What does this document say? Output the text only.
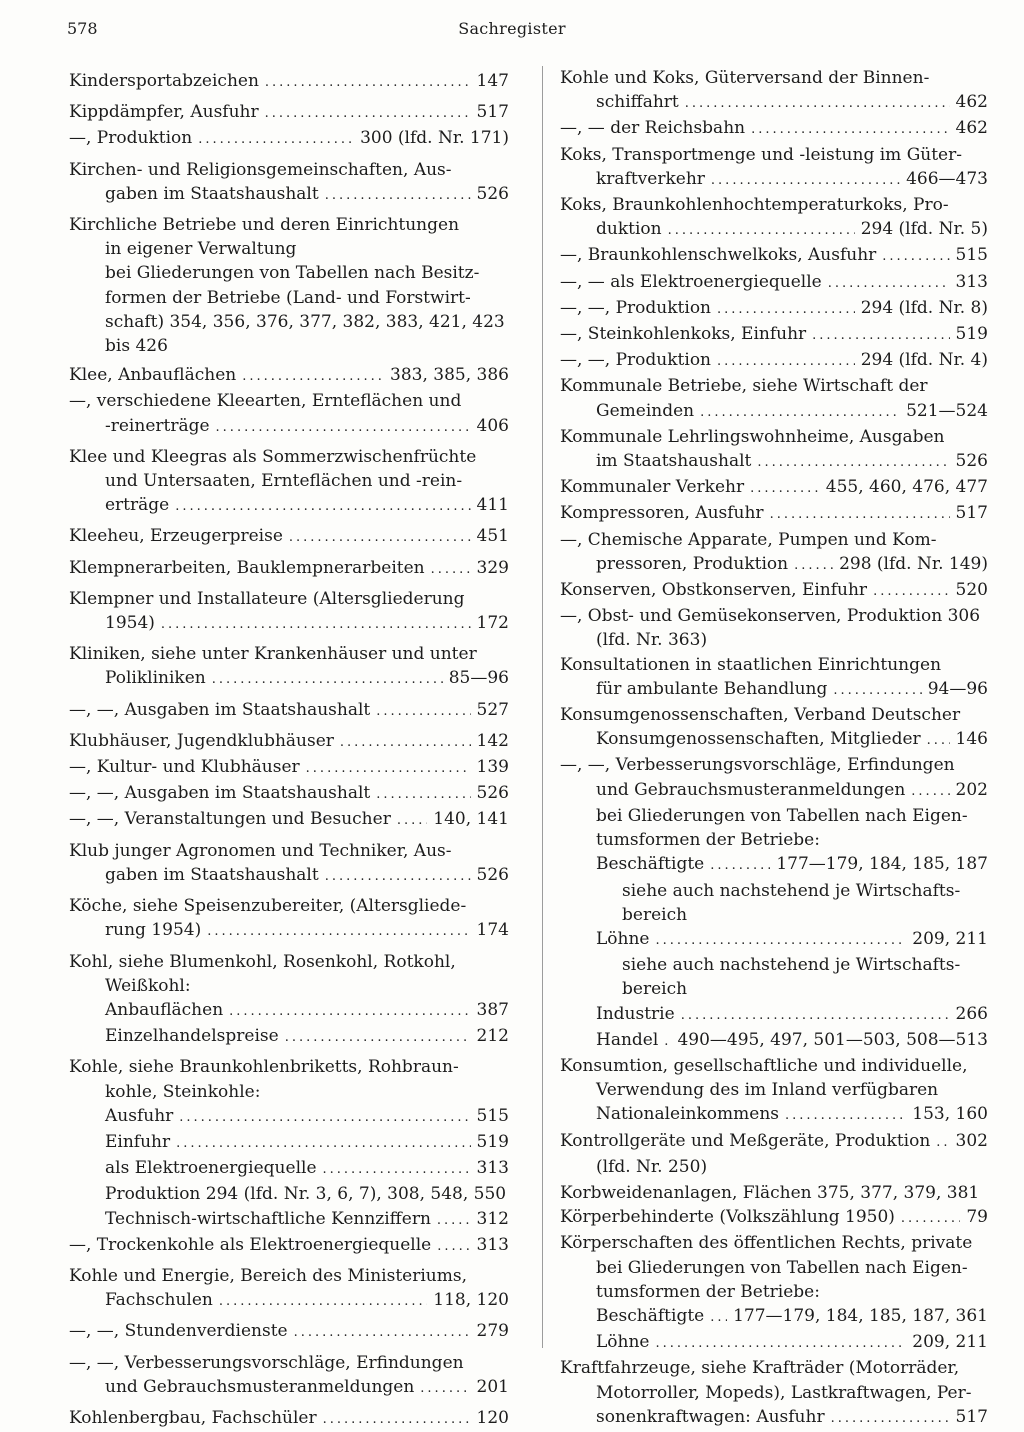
578	Sachregister
Kindersportabzeichen .....	147
Kippdämpfer, Ausfuhr .....	517
—, Produktion .....	300 (lfd. Nr. 171)
Kirchen- und Religionsgemeinschaften, Aus-
gaben im Staatshaushalt .....	526
Kirchliche Betriebe und deren Einrichtungen
in eigener Verwaltung
bei Gliederungen von Tabellen nach Besitz-
formen der Betriebe (Land- und Forstwirt-
schaft) 354, 356, 376, 377, 382, 383, 421, 423
bis 426
Klee, Anbauflächen .....	383, 385, 386
—, verschiedene Kleearten, Ernteflächen und
-reinerträge .....	406
Klee und Kleegras als Sommerzwischenfrüchte
und Untersaaten, Ernteflächen und -rein-
erträge .....	411
Kleeheu, Erzeugerpreise .....	451
Klempnerarbeiten, Bauklempnerarbeiten .....	329
Klempner und Installateure (Altersgliederung
1954) .....	172
Kliniken, siehe unter Krankenhäuser und unter
Polikliniken .....	85—96
—, —, Ausgaben im Staatshaushalt .....	527
Klubhäuser, Jugendklubhäuser .....	142
—, Kultur- und Klubhäuser .....	139
—, —, Ausgaben im Staatshaushalt .....	526
—, —, Veranstaltungen und Besucher ..... 140, 141
Klub junger Agronomen und Techniker, Aus-
gaben im Staatshaushalt .....	526
Köche, siehe Speisenzubereiter, (Altersgliede-
rung 1954) .....	174
Kohl, siehe Blumenkohl, Rosenkohl, Rotkohl,
Weißkohl:
Anbauflächen .....	387
Einzelhandelspreise .....	212
Kohle, siehe Braunkohlenbriketts, Rohbraun-
kohle, Steinkohle:
Ausfuhr .....	515
Einfuhr .....	519
als Elektroenergiequelle .....	313
Produktion 294 (lfd. Nr. 3, 6, 7), 308, 548, 550
Technisch-wirtschaftliche Kennziffern .....	312
—, Trockenkohle als Elektroenergiequelle .....	313
Kohle und Energie, Bereich des Ministeriums,
Fachschulen .....	118, 120
—, —, Stundenverdienste .....	279
—, —, Verbesserungsvorschläge, Erfindungen
und Gebrauchsmusteranmeldungen .....	201
Kohlenbergbau, Fachschüler .....	120
Kohle und Koks, Güterversand der Binnen-
schiffahrt .....	462
—, — der Reichsbahn .....	462
Koks, Transportmenge und -leistung im Güter-
kraftverkehr .....	466—473
Koks, Braunkohlenhochtemperaturkoks, Pro-
duktion .....	294 (lfd. Nr. 5)
—, Braunkohlenschwelkoks, Ausfuhr .....	515
—, — als Elektroenergiequelle .....	313
—, —, Produktion .....	294 (lfd. Nr. 8)
—, Steinkohlenkoks, Einfuhr .....	519
—, —, Produktion .....	294 (lfd. Nr. 4)
Kommunale Betriebe, siehe Wirtschaft der
Gemeinden .....	521—524
Kommunale Lehrlingswohnheime, Ausgaben
im Staatshaushalt .....	526
Kommunaler Verkehr .....	455, 460, 476, 477
Kompressoren, Ausfuhr .....	517
—, Chemische Apparate, Pumpen und Kom-
pressoren, Produktion .....	298 (lfd. Nr. 149)
Konserven, Obstkonserven, Einfuhr .....	520
—, Obst- und Gemüsekonserven, Produktion 306
(lfd. Nr. 363)
Konsultationen in staatlichen Einrichtungen
für ambulante Behandlung .....	94—96
Konsumgenossenschaften, Verband Deutscher
Konsumgenossenschaften, Mitglieder ..... 146
—, —, Verbesserungsvorschläge, Erfindungen
und Gebrauchsmusteranmeldungen .....	202
bei Gliederungen von Tabellen nach Eigen-
tumsformen der Betriebe:
Beschäftigte .....	177—179, 184, 185, 187
siehe auch nachstehend je Wirtschafts-
bereich
Löhne .....	209, 211
siehe auch nachstehend je Wirtschafts-
bereich
Industrie .....	266
Handel ..... 490—495, 497, 501—503, 508—513
Konsumtion, gesellschaftliche und individuelle,
Verwendung des im Inland verfügbaren
Nationaleinkommens .....	153, 160
Kontrollgeräte und Meßgeräte, Produktion ..... 302
(lfd. Nr. 250)
Korbweidenanlagen, Flächen 375, 377, 379, 381
Körperbehinderte (Volkszählung 1950) .....	79
Körperschaften des öffentlichen Rechts, private
bei Gliederungen von Tabellen nach Eigen-
tumsformen der Betriebe:
Beschäftigte ..... 177—179, 184, 185, 187, 361
Löhne .....	209, 211
Kraftfahrzeuge, siehe Krafträder (Motorräder,
Motorroller, Mopeds), Lastkraftwagen, Per-
sonenkraftwagen: Ausfuhr .....	517
